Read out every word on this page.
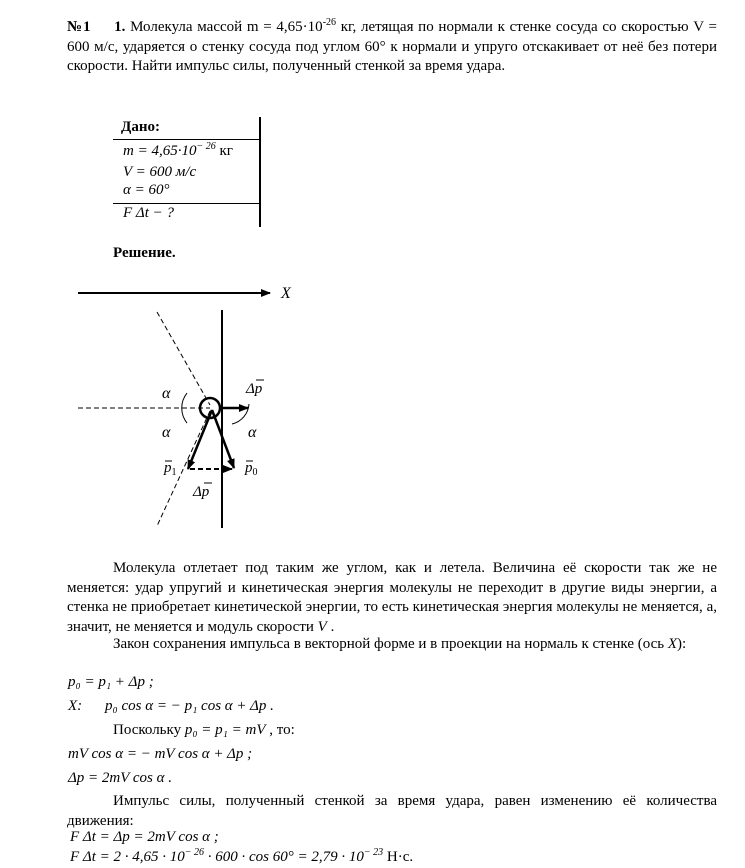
№1 1. Молекула массой $m = 4,65\cdot 10^{-26}$ кг, летящая по нормали к стенке сосуда со скоростью V = 600 м/с, ударяется о стенку сосуда под углом 60° к нормали и упруго отскакивает от неё без потери скорости. Найти импульс силы, полученный стенкой за время удара.
Дано:
$m = 4,65\cdot 10^{- 26}$ кг
V = 600 м/с
α = 60°
F Δt − ?
Решение.
X
Δp
α
α	α
$p_1$	$p_0$
Δp
Молекула отлетает под таким же углом, как и летела. Величина её скорости так же не меняется: удар упругий и кинетическая энергия молекулы не переходит в другие виды энергии, а стенка не приобретает кинетической энергии, то есть кинетическая энергия молекулы не меняется, а, значит, не меняется и модуль скорости V .
Закон сохранения импульса в векторной форме и в проекции на нормаль к стенке (ось X):
p₀ = p₁ + Δp ;
X: p₀ cos α = − p₁ cos α + Δp .
Поскольку p₀ = p₁ = mV , то:
mV cos α = − mV cos α + Δp ;
Δp = 2mV cos α .
Импульс силы, полученный стенкой за время удара, равен изменению её количества движения:
F Δt = Δp = 2mV cos α ;
F $\Delta t = 2 \cdot 4,65 \cdot 10^{- 26} \cdot 600 \cdot \cos 60^\circ = 2,79 \cdot 10^{- 23}$ Н·с.
